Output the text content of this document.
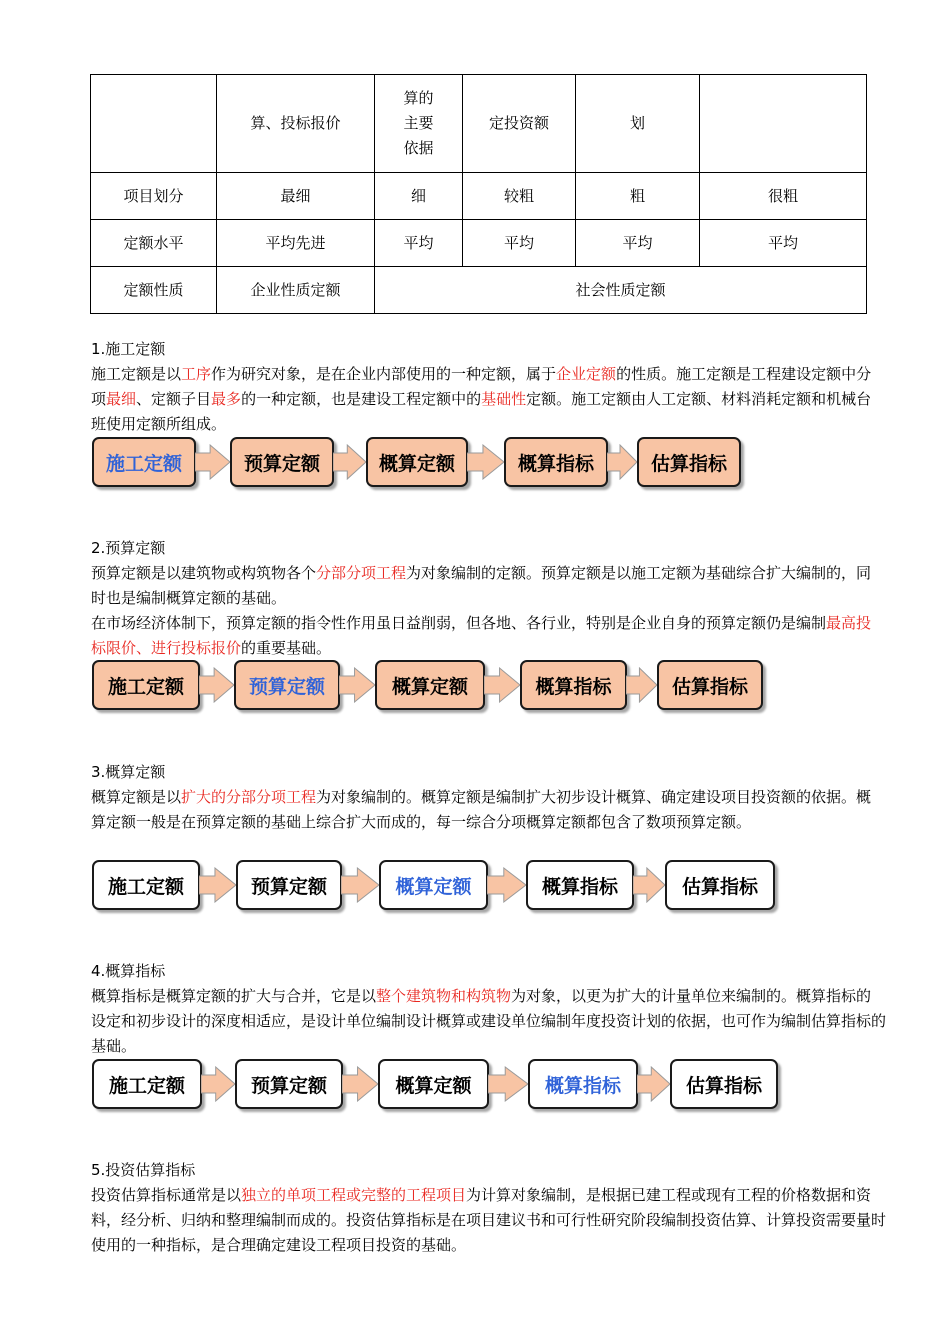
	算、投标报价	算的
主要
依据	定投资额	划	
项目划分	最细	细	较粗	粗	很粗
定额水平	平均先进	平均	平均	平均	平均
定额性质	企业性质定额	社会性质定额			

1.施工定额

施工定额是以工序作为研究对象，是在企业内部使用的一种定额，属于企业定额的性质。施工定额是工程建设定额中分项最细、定额子目最多的一种定额，也是建设工程定额中的基础性定额。施工定额由人工定额、材料消耗定额和机械台班使用定额所组成。

施工定额	预算定额	概算定额	概算指标	估算指标

2.预算定额

预算定额是以建筑物或构筑物各个分部分项工程为对象编制的定额。预算定额是以施工定额为基础综合扩大编制的，同时也是编制概算定额的基础。

在市场经济体制下，预算定额的指令性作用虽日益削弱，但各地、各行业，特别是企业自身的预算定额仍是编制最高投标限价、进行投标报价的重要基础。

施工定额	预算定额	概算定额	概算指标	估算指标

3.概算定额

概算定额是以扩大的分部分项工程为对象编制的。概算定额是编制扩大初步设计概算、确定建设项目投资额的依据。概算定额一般是在预算定额的基础上综合扩大而成的，每一综合分项概算定额都包含了数项预算定额。

施工定额	预算定额	概算定额	概算指标	估算指标

4.概算指标

概算指标是概算定额的扩大与合并，它是以整个建筑物和构筑物为对象，以更为扩大的计量单位来编制的。概算指标的设定和初步设计的深度相适应，是设计单位编制设计概算或建设单位编制年度投资计划的依据，也可作为编制估算指标的基础。

施工定额	预算定额	概算定额	概算指标	估算指标

5.投资估算指标

投资估算指标通常是以独立的单项工程或完整的工程项目为计算对象编制，是根据已建工程或现有工程的价格数据和资料，经分析、归纳和整理编制而成的。投资估算指标是在项目建议书和可行性研究阶段编制投资估算、计算投资需要量时使用的一种指标，是合理确定建设工程项目投资的基础。
